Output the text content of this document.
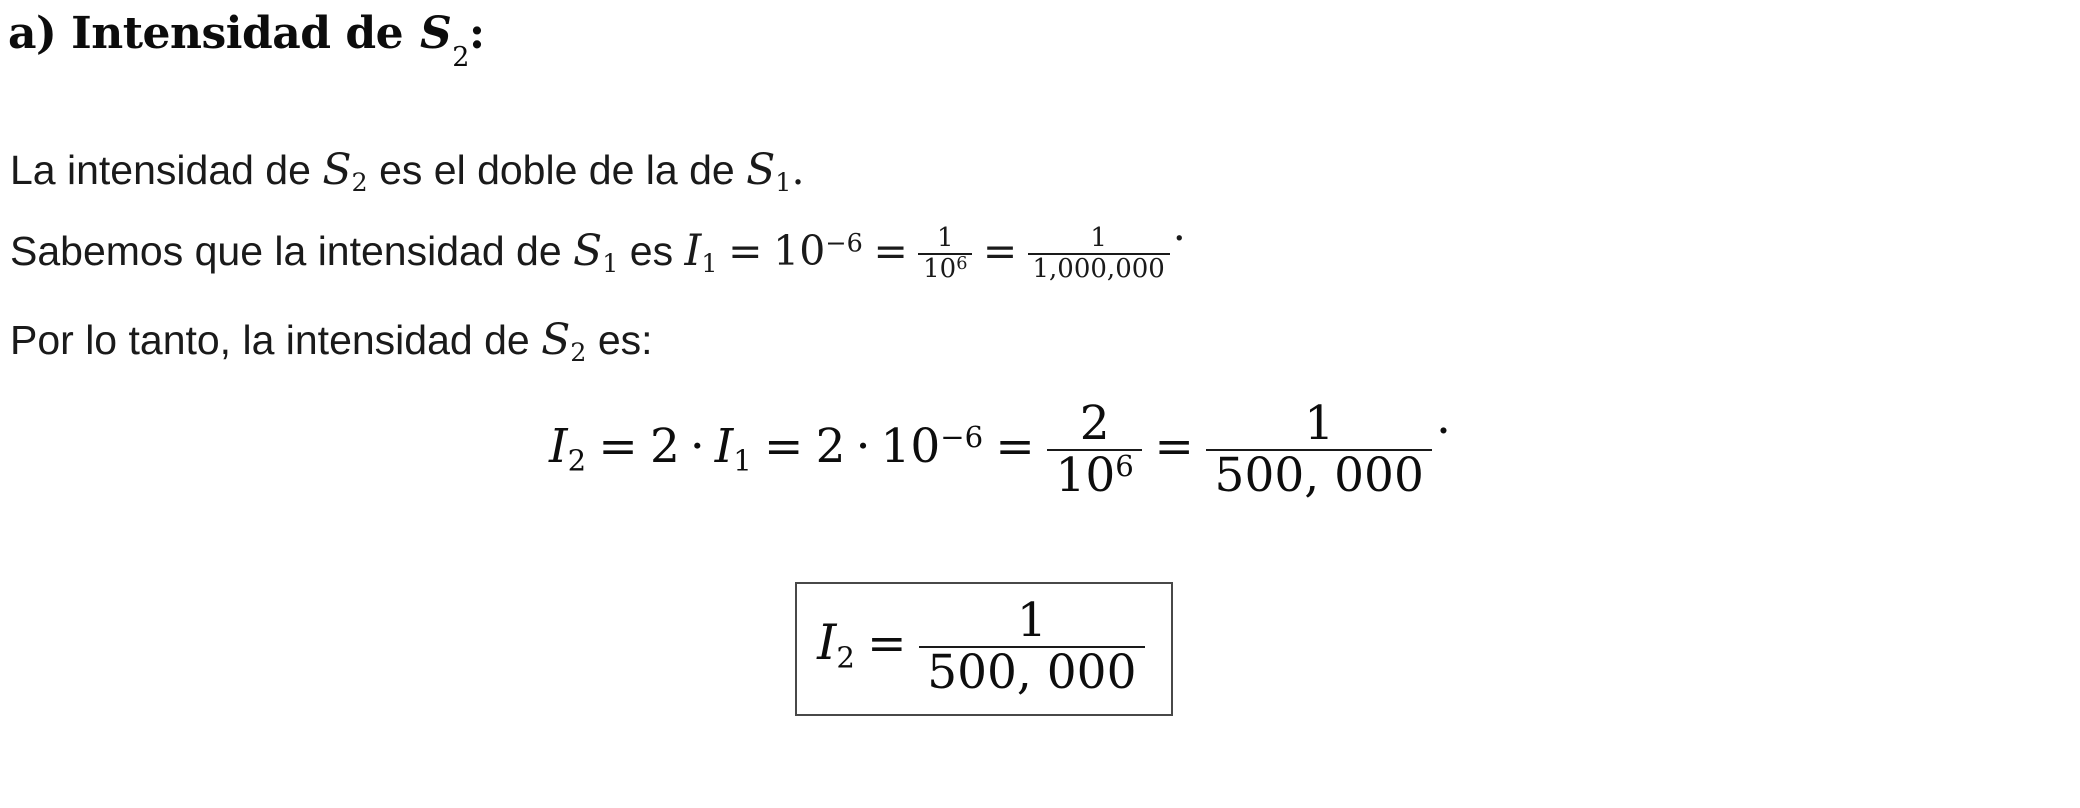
a) Intensidad de $S_2$:

La intensidad de S2 es el doble de la de S1.

Sabemos que la intensidad de S1 es $I1 = 10^{-6} = \frac{1}{10^6} = \frac{1}{1,000,000}$ .

Por lo tanto, la intensidad de S2 es:

$I2 = 2 \cdot I1 = 2 \cdot 10^{-6} = \frac{2}{10^6} = \frac{1}{500, 000}$ .
$I2 = \frac{1}{500, 000}$
